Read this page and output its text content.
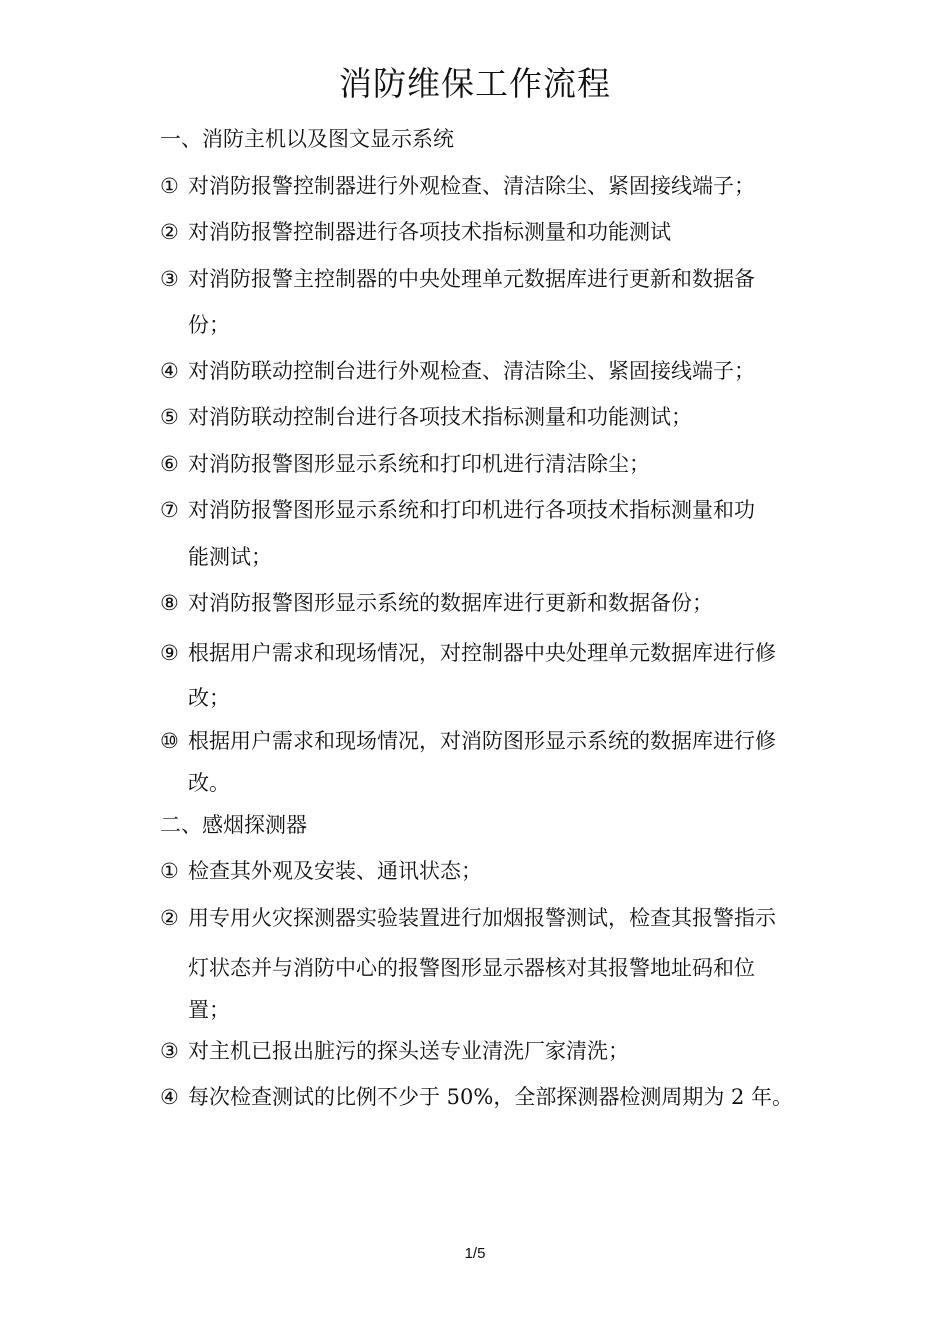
消防维保工作流程
一、消防主机以及图文显示系统
① 对消防报警控制器进行外观检查、清洁除尘、紧固接线端子；
② 对消防报警控制器进行各项技术指标测量和功能测试
③ 对消防报警主控制器的中央处理单元数据库进行更新和数据备
份；
④ 对消防联动控制台进行外观检查、清洁除尘、紧固接线端子；
⑤ 对消防联动控制台进行各项技术指标测量和功能测试；
⑥ 对消防报警图形显示系统和打印机进行清洁除尘；
⑦ 对消防报警图形显示系统和打印机进行各项技术指标测量和功
能测试；
⑧ 对消防报警图形显示系统的数据库进行更新和数据备份；
⑨ 根据用户需求和现场情况，对控制器中央处理单元数据库进行修
改；
⑩ 根据用户需求和现场情况，对消防图形显示系统的数据库进行修
改。
二、感烟探测器
① 检查其外观及安装、通讯状态；
② 用专用火灾探测器实验装置进行加烟报警测试，检查其报警指示
灯状态并与消防中心的报警图形显示器核对其报警地址码和位
置；
③ 对主机已报出脏污的探头送专业清洗厂家清洗；
④ 每次检查测试的比例不少于 50%，全部探测器检测周期为 2 年。
1/5
